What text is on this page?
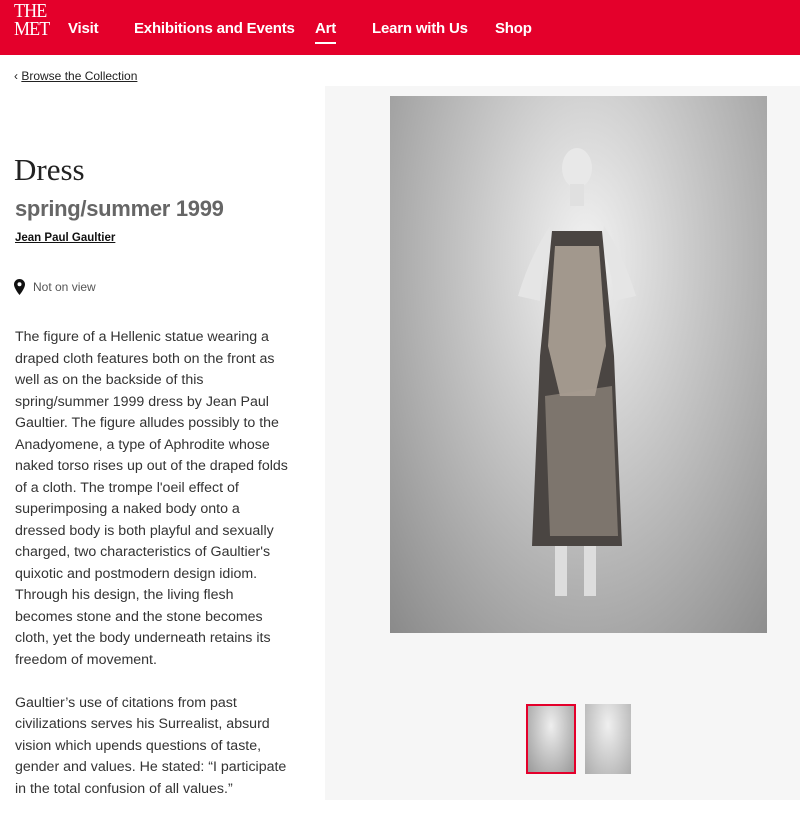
THE
MET Visit Exhibitions and Events Art Learn with Us Shop
‹ Browse the Collection
Dress
spring/summer 1999
Jean Paul Gaultier
Not on view

The figure of a Hellenic statue wearing a draped cloth features both on the front as well as on the backside of this spring/summer 1999 dress by Jean Paul Gaultier. The figure alludes possibly to the Anadyomene, a type of Aphrodite whose naked torso rises up out of the draped folds of a cloth. The trompe l'oeil effect of superimposing a naked body onto a dressed body is both playful and sexually charged, two characteristics of Gaultier's quixotic and postmodern design idiom. Through his design, the living flesh becomes stone and the stone becomes cloth, yet the body underneath retains its freedom of movement.

Gaultier’s use of citations from past civilizations serves his Surrealist, absurd vision which upends questions of taste, gender and values. He stated: “I participate in the total confusion of all values.”
